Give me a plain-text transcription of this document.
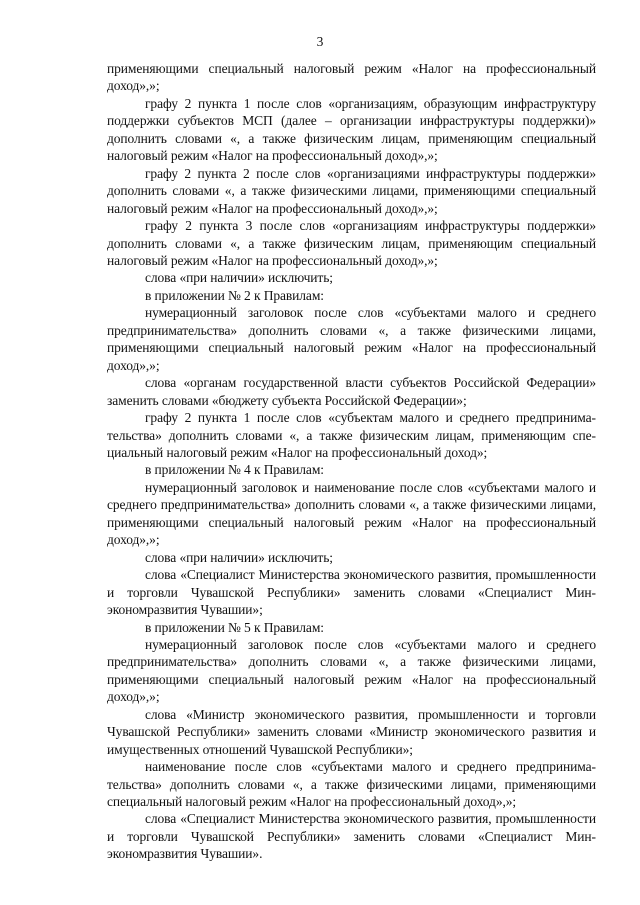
3

применяющими специальный налоговый режим «Налог на профессиональный доход»,»;

графу 2 пункта 1 после слов «организациям, образующим инфраструктуру поддержки субъектов МСП (далее – организации инфраструктуры поддержки)» дополнить словами «, а также физическим лицам, применяющим специальный налоговый режим «Налог на профессиональный доход»,»;

графу 2 пункта 2 после слов «организациями инфраструктуры поддержки» дополнить словами «, а также физическими лицами, применяющими специальный налоговый режим «Налог на профессиональный доход»,»;

графу 2 пункта 3 после слов «организациям инфраструктуры поддержки» дополнить словами «, а также физическим лицам, применяющим специальный налоговый режим «Налог на профессиональный доход»,»;

слова «при наличии» исключить;

в приложении № 2 к Правилам:

нумерационный заголовок после слов «субъектами малого и среднего предпринимательства» дополнить словами «, а также физическими лицами, применяющими специальный налоговый режим «Налог на профессиональный доход»,»;

слова «органам государственной власти субъектов Российской Федерации» заменить словами «бюджету субъекта Российской Федерации»;

графу 2 пункта 1 после слов «субъектам малого и среднего предпринимательства» дополнить словами «, а также физическим лицам, применяющим специальный налоговый режим «Налог на профессиональный доход»;

в приложении № 4 к Правилам:

нумерационный заголовок и наименование после слов «субъектами малого и среднего предпринимательства» дополнить словами «, а также физическими лицами, применяющими специальный налоговый режим «Налог на профессиональный доход»,»;

слова «при наличии» исключить;

слова «Специалист Министерства экономического развития, промышленности и торговли Чувашской Республики» заменить словами «Специалист Минэкономразвития Чувашии»;

в приложении № 5 к Правилам:

нумерационный заголовок после слов «субъектами малого и среднего предпринимательства» дополнить словами «, а также физическими лицами, применяющими специальный налоговый режим «Налог на профессиональный доход»,»;

слова «Министр экономического развития, промышленности и торговли Чувашской Республики» заменить словами «Министр экономического развития и имущественных отношений Чувашской Республики»;

наименование после слов «субъектами малого и среднего предпринимательства» дополнить словами «, а также физическими лицами, применяющими специальный налоговый режим «Налог на профессиональный доход»,»;

слова «Специалист Министерства экономического развития, промышленности и торговли Чувашской Республики» заменить словами «Специалист Минэкономразвития Чувашии».
